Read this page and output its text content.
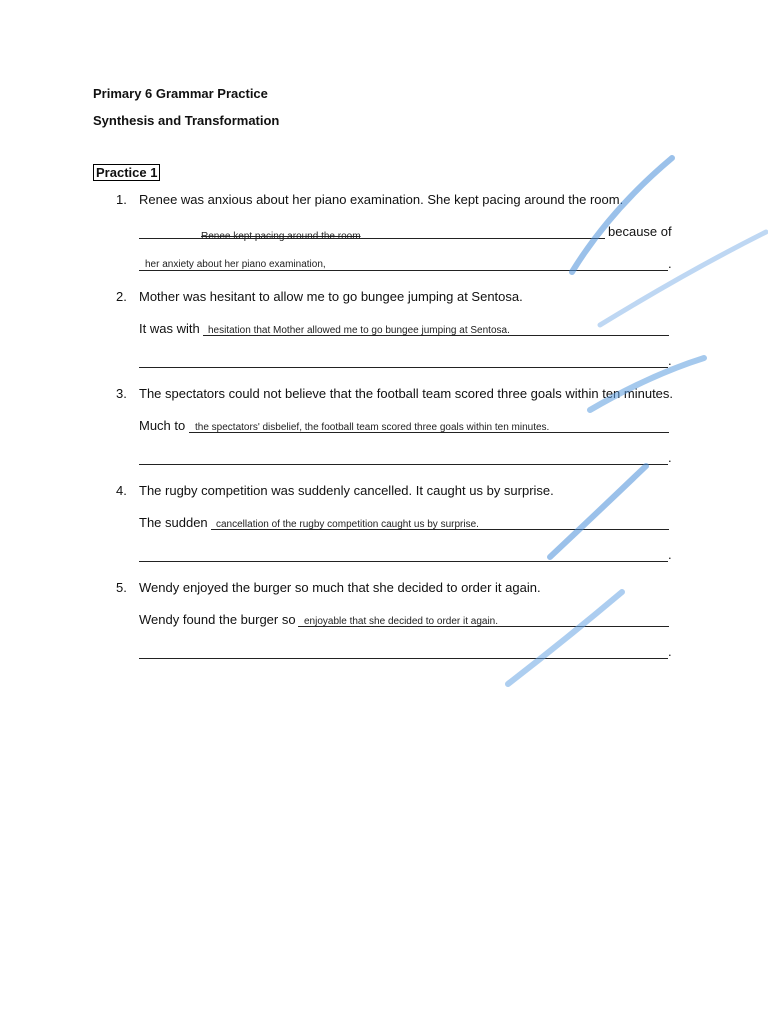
Primary 6 Grammar Practice
Synthesis and Transformation
Practice 1
1. Renee was anxious about her piano examination. She kept pacing around the room.
Renee kept pacing around the room	because of
her anxiety about her piano examination,	.
2. Mother was hesitant to allow me to go bungee jumping at Sentosa.
It was with hesitation that Mother allowed me to go bungee jumping at Sentosa.
.
3. The spectators could not believe that the football team scored three goals within ten minutes.
Much to the spectators' disbelief, the football team scored three goals within ten minutes.
.
4. The rugby competition was suddenly cancelled. It caught us by surprise.
The sudden cancellation of the rugby competition caught us by surprise.
.
5. Wendy enjoyed the burger so much that she decided to order it again.
Wendy found the burger so enjoyable that she decided to order it again.
.
